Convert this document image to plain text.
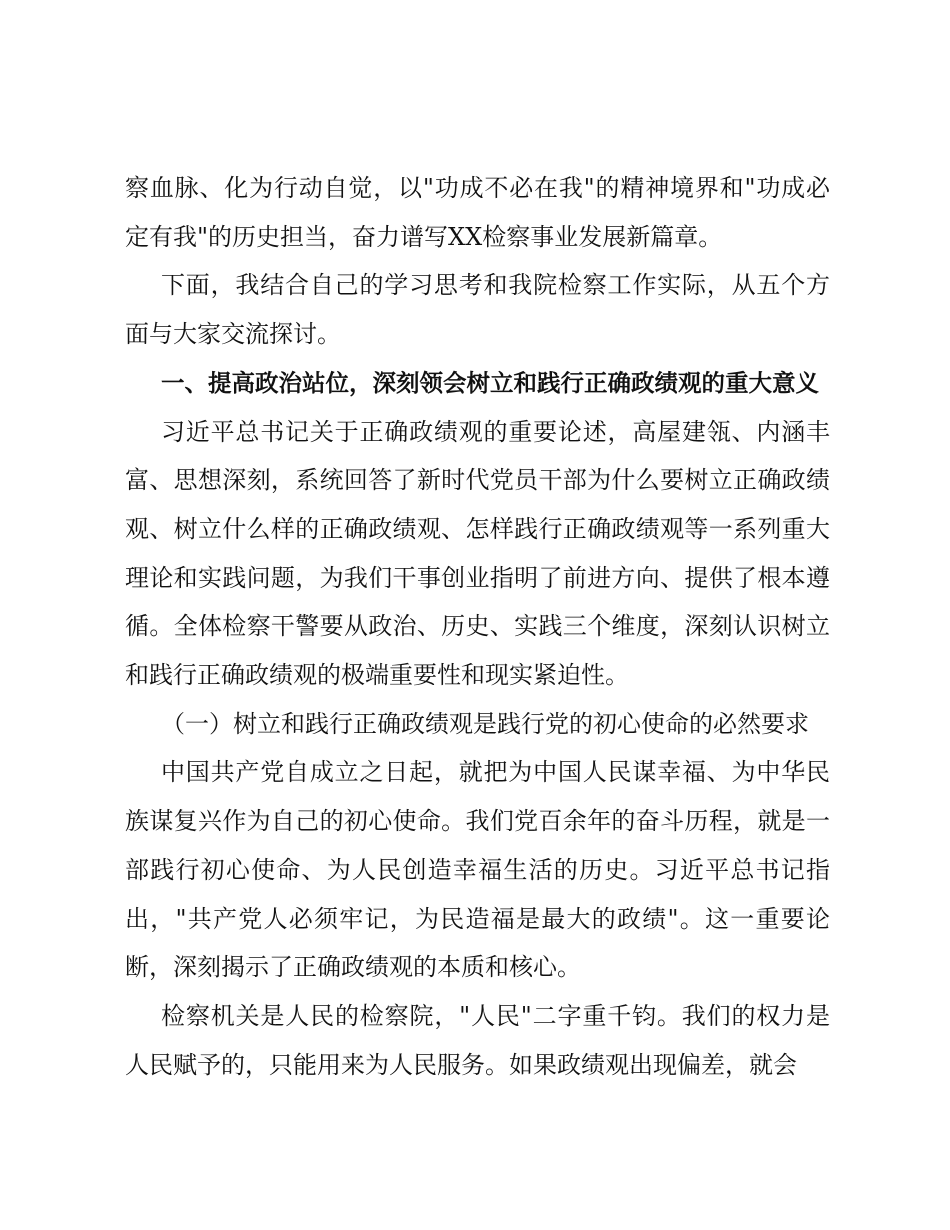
察血脉、化为行动自觉，以"功成不必在我"的精神境界和"功成必定有我"的历史担当，奋力谱写XX检察事业发展新篇章。

下面，我结合自己的学习思考和我院检察工作实际，从五个方面与大家交流探讨。

一、提高政治站位，深刻领会树立和践行正确政绩观的重大意义

习近平总书记关于正确政绩观的重要论述，高屋建瓴、内涵丰富、思想深刻，系统回答了新时代党员干部为什么要树立正确政绩观、树立什么样的正确政绩观、怎样践行正确政绩观等一系列重大理论和实践问题，为我们干事创业指明了前进方向、提供了根本遵循。全体检察干警要从政治、历史、实践三个维度，深刻认识树立和践行正确政绩观的极端重要性和现实紧迫性。

（一）树立和践行正确政绩观是践行党的初心使命的必然要求

中国共产党自成立之日起，就把为中国人民谋幸福、为中华民族谋复兴作为自己的初心使命。我们党百余年的奋斗历程，就是一部践行初心使命、为人民创造幸福生活的历史。习近平总书记指出，"共产党人必须牢记，为民造福是最大的政绩"。这一重要论断，深刻揭示了正确政绩观的本质和核心。

检察机关是人民的检察院，"人民"二字重千钧。我们的权力是人民赋予的，只能用来为人民服务。如果政绩观出现偏差，就会
